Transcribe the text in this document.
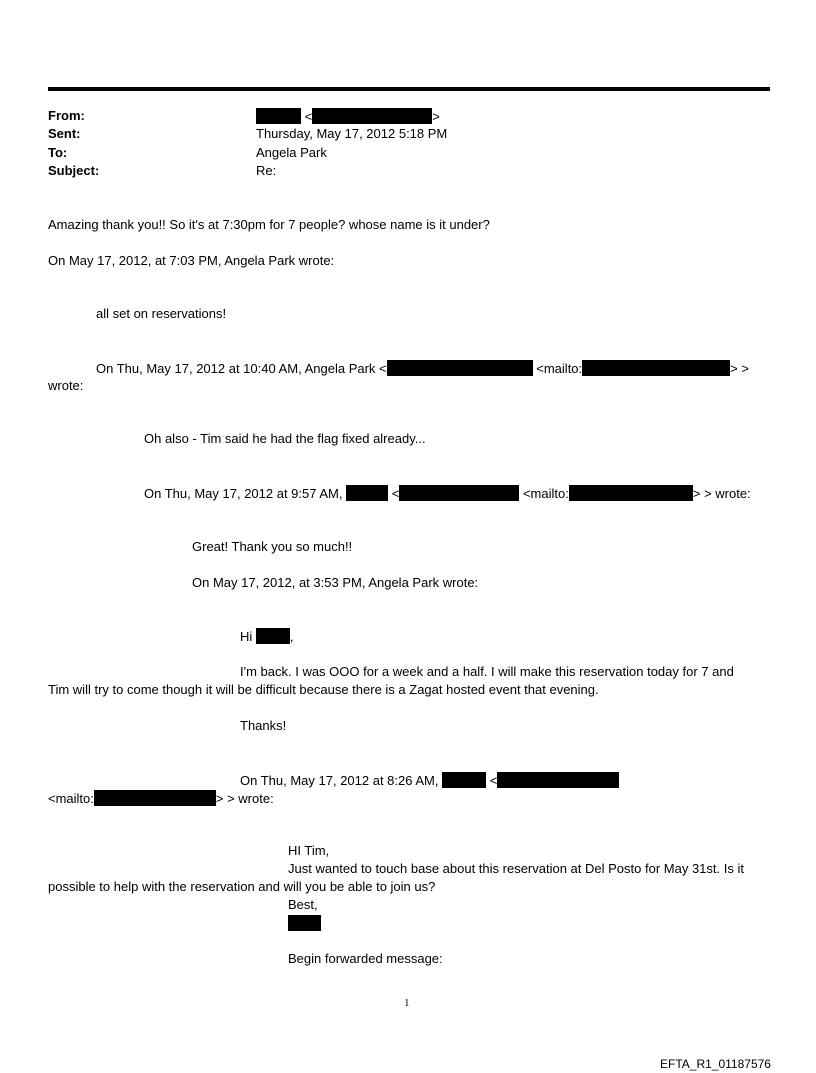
From:	<	>
Sent:	Thursday, May 17, 2012 5:18 PM
To:	Angela Park
Subject:	Re:
Amazing thank you!! So it's at 7:30pm for 7 people? whose name is it under?
On May 17, 2012, at 7:03 PM, Angela Park wrote:
all set on reservations!
On Thu, May 17, 2012 at 10:40 AM, Angela Park <	<mailto:	> >
wrote:
Oh also - Tim said he had the flag fixed already...
On Thu, May 17, 2012 at 9:57 AM,	<	<mailto:	> > wrote:
Great! Thank you so much!!
On May 17, 2012, at 3:53 PM, Angela Park wrote:
Hi	,
I'm back. I was OOO for a week and a half. I will make this reservation today for 7 and
Tim will try to come though it will be difficult because there is a Zagat hosted event that evening.
Thanks!
On Thu, May 17, 2012 at 8:26 AM,	<
<mailto:	> > wrote:
HI Tim,
Just wanted to touch base about this reservation at Del Posto for May 31st. Is it
possible to help with the reservation and will you be able to join us?
Best,
Begin forwarded message:
1
EFTA_R1_01187576
